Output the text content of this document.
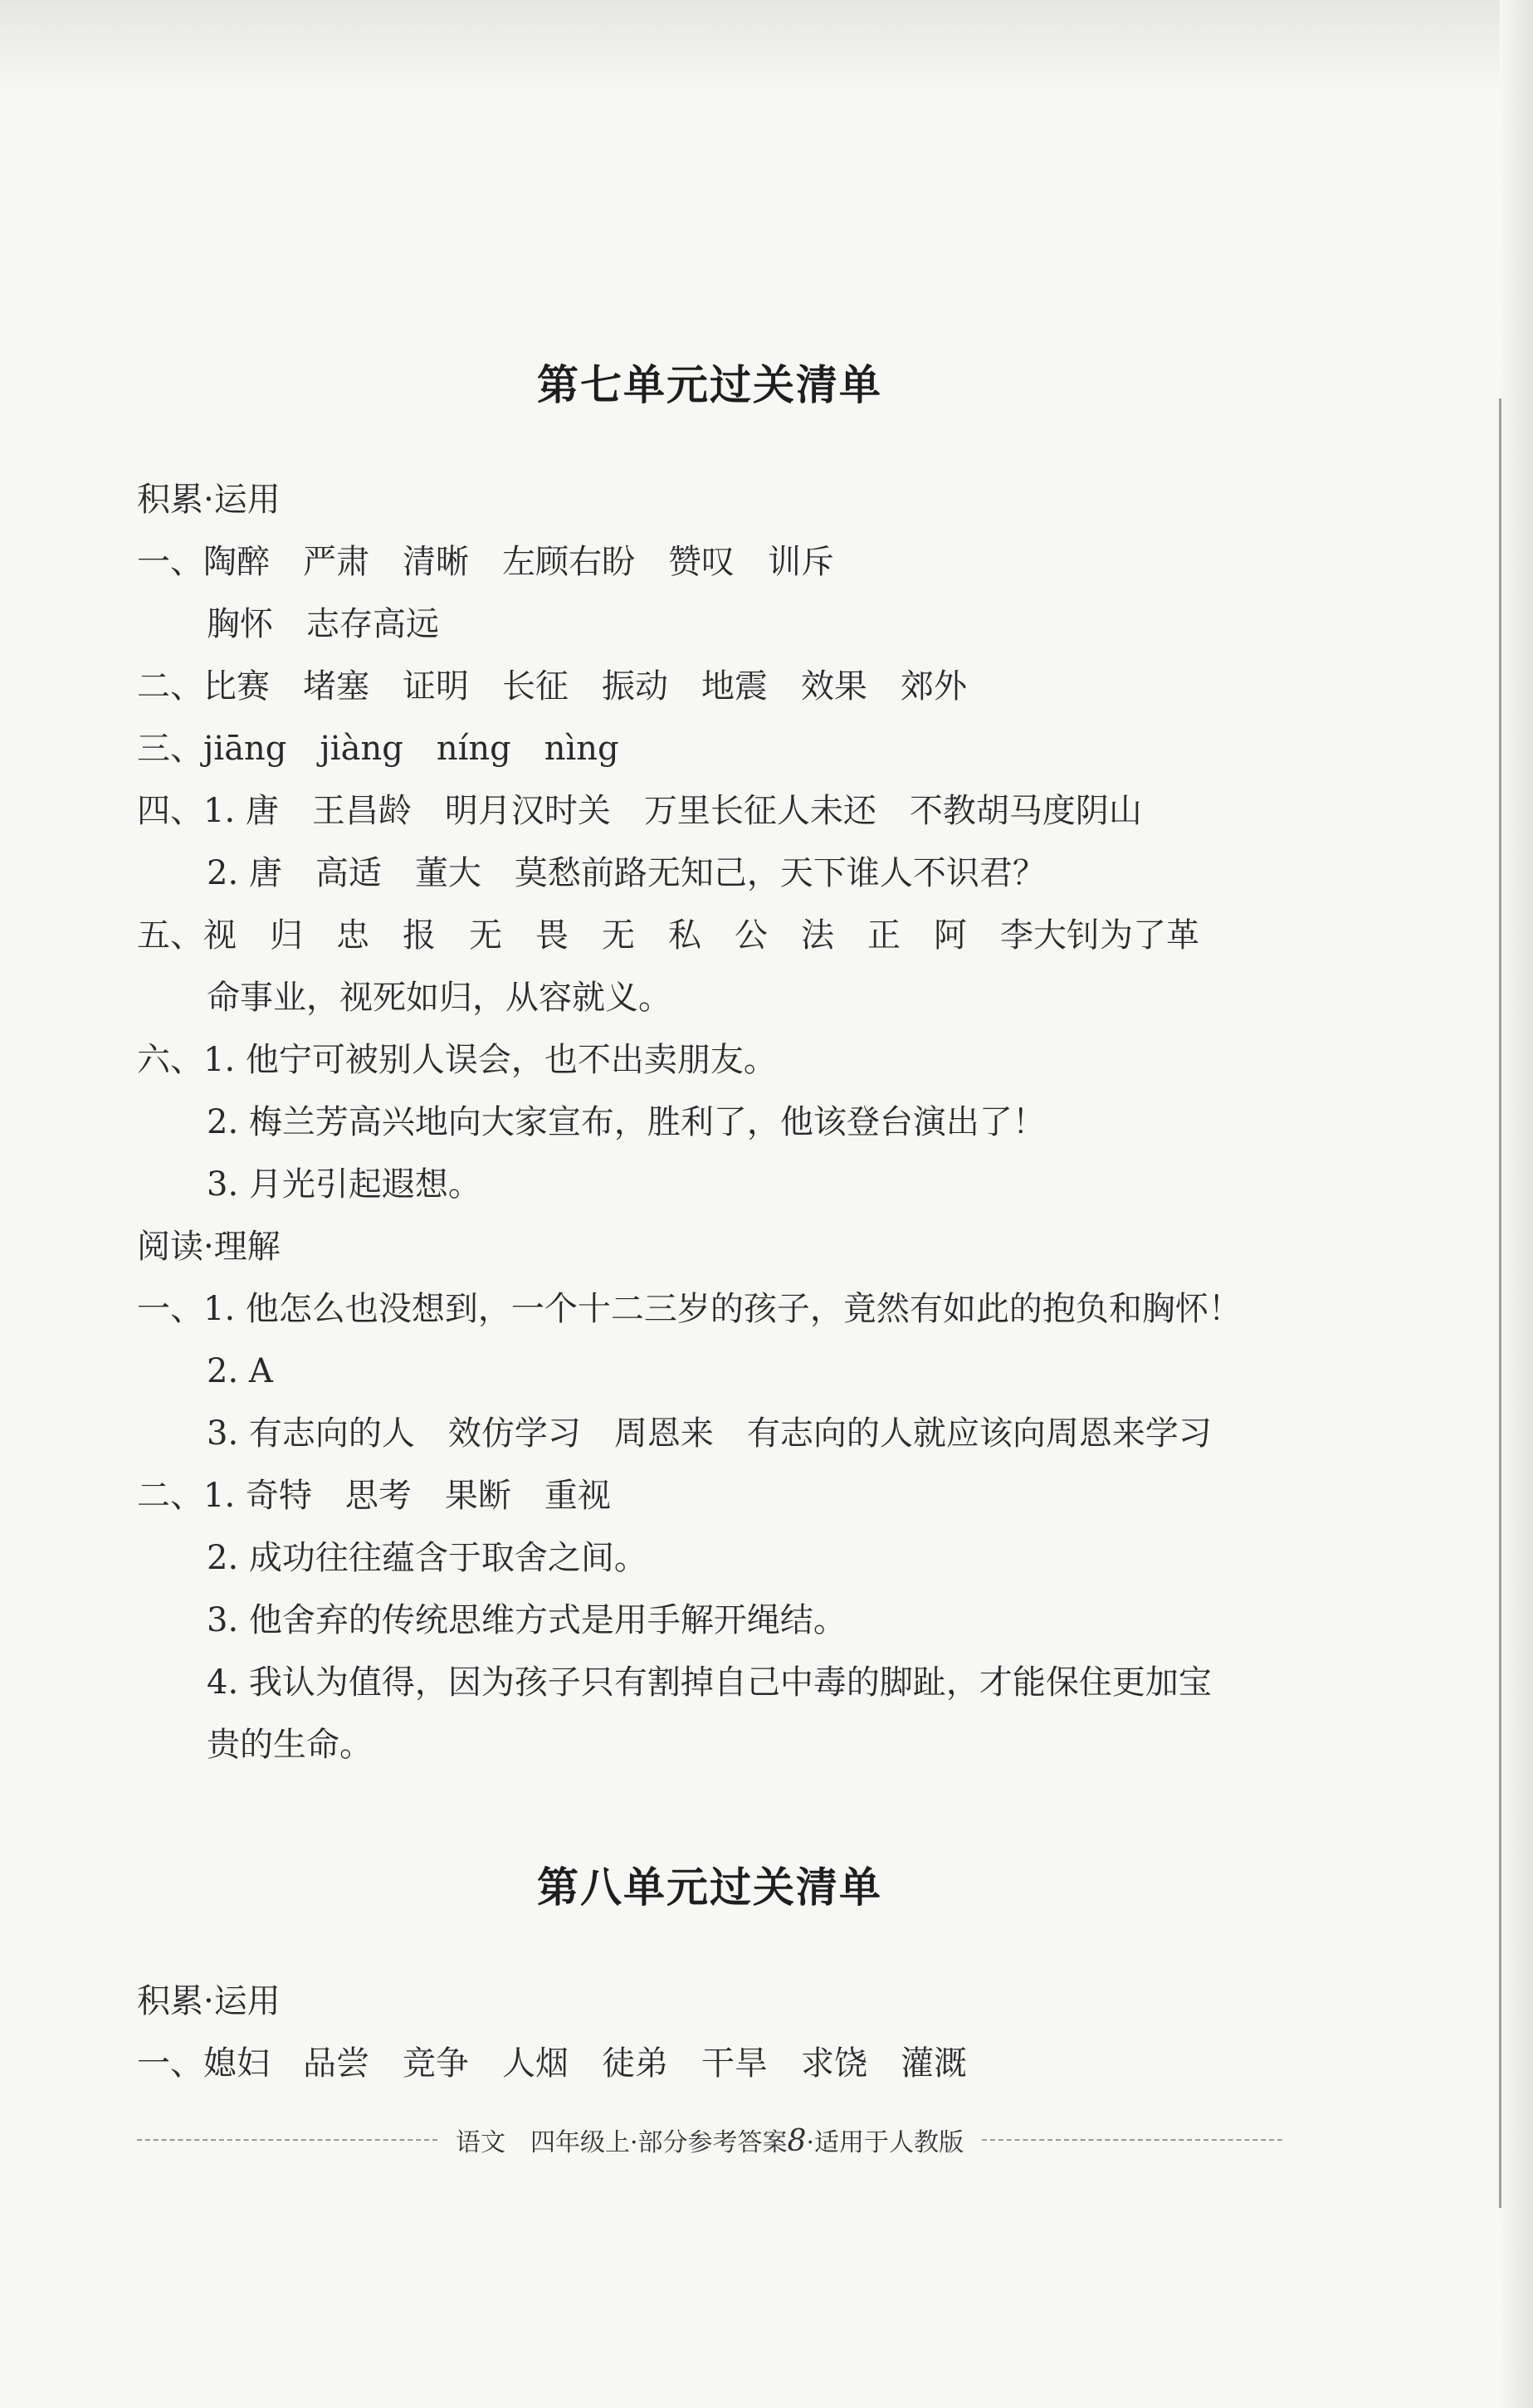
第七单元过关清单
积累·运用
一、陶醉　严肃　清晰　左顾右盼　赞叹　训斥
胸怀　志存高远
二、比赛　堵塞　证明　长征　振动　地震　效果　郊外
三、jiāng　jiàng　níng　nìng
四、1. 唐　王昌龄　明月汉时关　万里长征人未还　不教胡马度阴山
2. 唐　高适　董大　莫愁前路无知己，天下谁人不识君？
五、视　归　忠　报　无　畏　无　私　公　法　正　阿　李大钊为了革
命事业，视死如归，从容就义。
六、1. 他宁可被别人误会，也不出卖朋友。
2. 梅兰芳高兴地向大家宣布，胜利了，他该登台演出了！
3. 月光引起遐想。
阅读·理解
一、1. 他怎么也没想到，一个十二三岁的孩子，竟然有如此的抱负和胸怀！
2. A
3. 有志向的人　效仿学习　周恩来　有志向的人就应该向周恩来学习
二、1. 奇特　思考　果断　重视
2. 成功往往蕴含于取舍之间。
3. 他舍弃的传统思维方式是用手解开绳结。
4. 我认为值得，因为孩子只有割掉自己中毒的脚趾，才能保住更加宝
贵的生命。
第八单元过关清单
积累·运用
一、媳妇　品尝　竞争　人烟　徒弟　干旱　求饶　灌溉
语文　四年级上·部分参考答案8·适用于人教版
